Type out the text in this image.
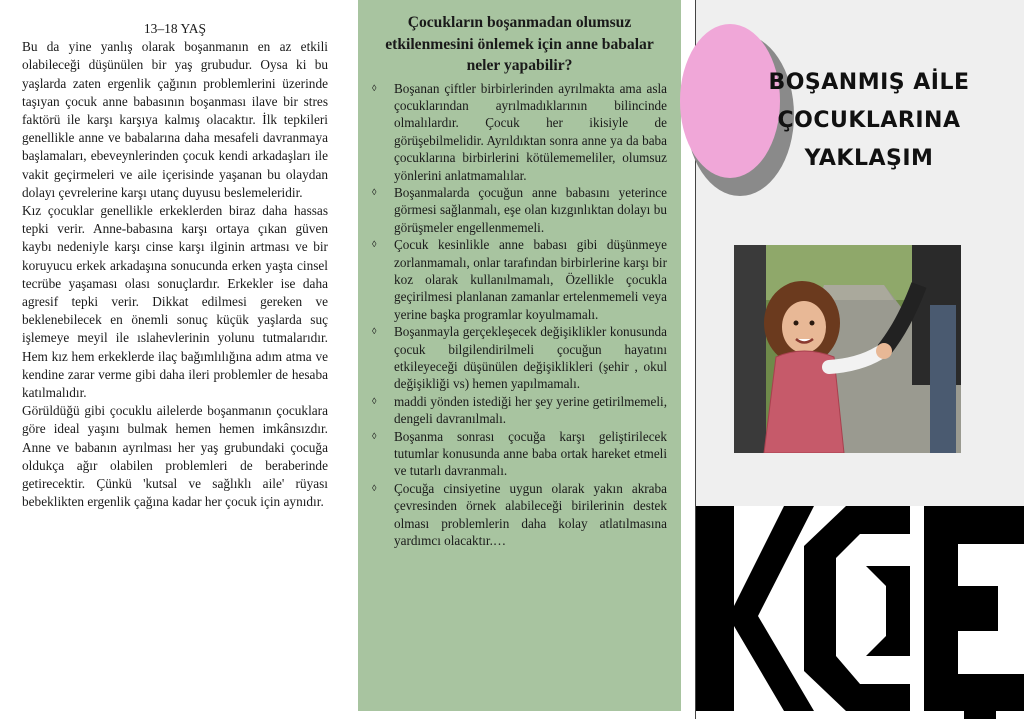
13–18 YAŞ

Bu da yine yanlış olarak boşanmanın en az etkili olabileceği düşünülen bir yaş grubudur. Oysa ki bu yaşlarda zaten ergenlik çağının problemlerini üzerinde taşıyan çocuk anne babasının boşanması ilave bir stres faktörü ile karşı karşıya kalmış olacaktır. İlk tepkileri genellikle anne ve babalarına daha mesafeli davranmaya başlamaları, ebeveynlerinden çocuk kendi arkadaşları ile vakit geçirmeleri ve aile içerisinde yaşanan bu olaydan dolayı çevrelerine karşı utanç duyusu beslemeleridir.

Kız çocuklar genellikle erkeklerden biraz daha hassas tepki verir. Anne-babasına karşı ortaya çıkan güven kaybı nedeniyle karşı cinse karşı ilginin artması ve bir koruyucu erkek arkadaşına sonucunda erken yaşta cinsel tecrübe yaşaması olası sonuçlardır. Erkekler ise daha agresif tepki verir. Dikkat edilmesi gereken ve beklenebilecek en önemli sonuç küçük yaşlarda suç işlemeye meyil ile ıslahevlerinin yolunu tutmalarıdır. Hem kız hem erkeklerde ilaç bağımlılığına adım atma ve kendine zarar verme gibi daha ileri problemler de hesaba katılmalıdır.

Görüldüğü gibi çocuklu ailelerde boşanmanın çocuklara göre ideal yaşını bulmak hemen hemen imkânsızdır. Anne ve babanın ayrılması her yaş grubundaki çocuğa oldukça ağır olabilen problemleri de beraberinde getirecektir. Çünkü 'kutsal ve sağlıklı aile' rüyası bebeklikten ergenlik çağına kadar her çocuk için aynıdır.

Çocukların boşanmadan olumsuz etkilenmesini önlemek için anne babalar neler yapabilir?
◊ Boşanan çiftler birbirlerinden ayrılmakta ama asla çocuklarından ayrılmadıklarının bilincinde olmalılardır. Çocuk her ikisiyle de görüşebilmelidir. Ayrıldıktan sonra anne ya da baba çocuklarına birbirlerini kötülememeliler, olumsuz yönlerini anlatmamalılar.
◊ Boşanmalarda çocuğun anne babasını yeterince görmesi sağlanmalı, eşe olan kızgınlıktan dolayı bu görüşmeler engellenmemeli.
◊ Çocuk kesinlikle anne babası gibi düşünmeye zorlanmamalı, onlar tarafından birbirlerine karşı bir koz olarak kullanılmamalı, Özellikle çocukla geçirilmesi planlanan zamanlar ertelenmemeli veya yerine başka programlar koyulmamalı.
◊ Boşanmayla gerçekleşecek değişiklikler konusunda çocuk bilgilendirilmeli çocuğun hayatını etkileyeceği düşünülen değişiklikleri (şehir , okul değişikliği vs) hemen yapılmamalı.
◊ maddi yönden istediği her şey yerine getirilmemeli, dengeli davranılmalı.
◊ Boşanma sonrası çocuğa karşı geliştirilecek tutumlar konusunda anne baba ortak hareket etmeli ve tutarlı davranmalı.
◊ Çocuğa cinsiyetine uygun olarak yakın akraba çevresinden örnek alabileceği birilerinin destek olması problemlerin daha kolay atlatılmasına yardımcı olacaktır.…
BOŞANMIŞ AİLE
ÇOCUKLARINA
YAKLAŞIM
